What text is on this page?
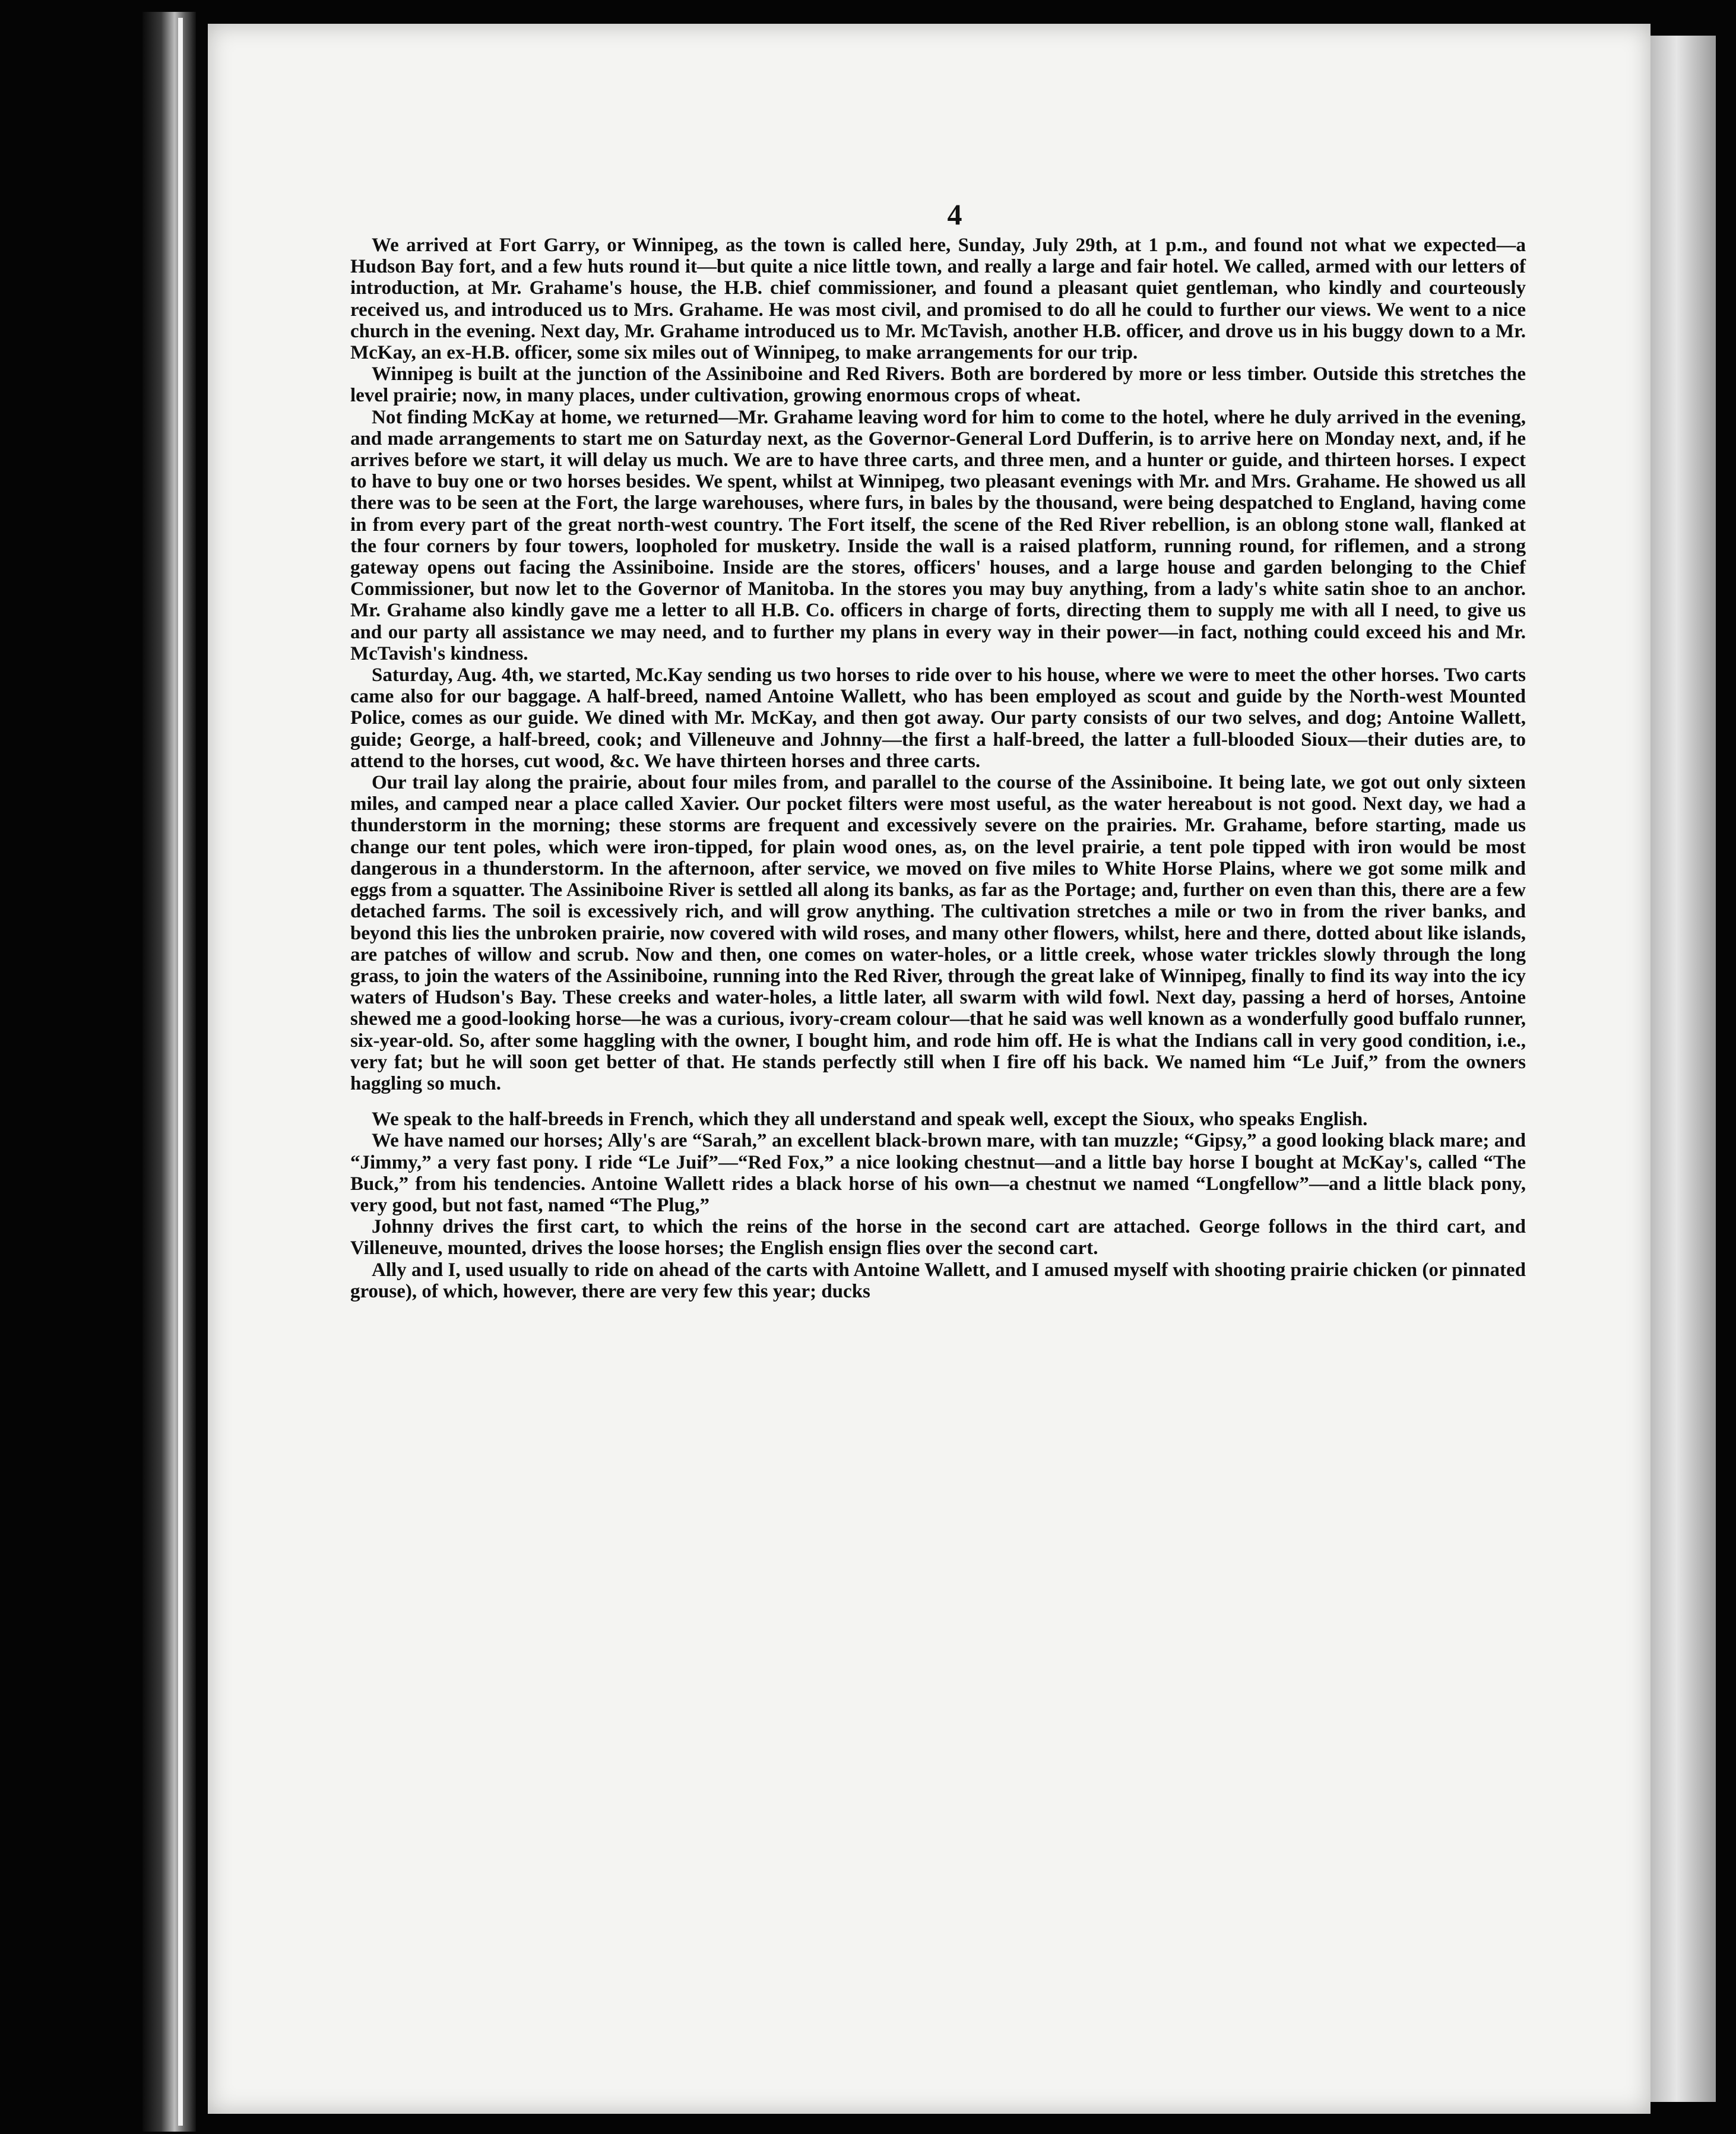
4

We arrived at Fort Garry, or Winnipeg, as the town is called here, Sunday, July 29th, at 1 p.m., and found not what we expected—a Hudson Bay fort, and a few huts round it—but quite a nice little town, and really a large and fair hotel. We called, armed with our letters of introduction, at Mr. Grahame's house, the H.B. chief commissioner, and found a pleasant quiet gentleman, who kindly and courteously received us, and introduced us to Mrs. Grahame. He was most civil, and promised to do all he could to further our views. We went to a nice church in the evening. Next day, Mr. Grahame introduced us to Mr. McTavish, another H.B. officer, and drove us in his buggy down to a Mr. McKay, an ex-H.B. officer, some six miles out of Winnipeg, to make arrangements for our trip.

Winnipeg is built at the junction of the Assiniboine and Red Rivers. Both are bordered by more or less timber. Outside this stretches the level prairie; now, in many places, under cultivation, growing enormous crops of wheat.

Not finding McKay at home, we returned—Mr. Grahame leaving word for him to come to the hotel, where he duly arrived in the evening, and made arrangements to start me on Saturday next, as the Governor-General Lord Dufferin, is to arrive here on Monday next, and, if he arrives before we start, it will delay us much. We are to have three carts, and three men, and a hunter or guide, and thirteen horses. I expect to have to buy one or two horses besides. We spent, whilst at Winnipeg, two pleasant evenings with Mr. and Mrs. Grahame. He showed us all there was to be seen at the Fort, the large warehouses, where furs, in bales by the thousand, were being despatched to England, having come in from every part of the great north-west country. The Fort itself, the scene of the Red River rebellion, is an oblong stone wall, flanked at the four corners by four towers, loopholed for musketry. Inside the wall is a raised platform, running round, for riflemen, and a strong gateway opens out facing the Assiniboine. Inside are the stores, officers' houses, and a large house and garden belonging to the Chief Commissioner, but now let to the Governor of Manitoba. In the stores you may buy anything, from a lady's white satin shoe to an anchor. Mr. Grahame also kindly gave me a letter to all H.B. Co. officers in charge of forts, directing them to supply me with all I need, to give us and our party all assistance we may need, and to further my plans in every way in their power—in fact, nothing could exceed his and Mr. McTavish's kindness.

Saturday, Aug. 4th, we started, Mc.Kay sending us two horses to ride over to his house, where we were to meet the other horses. Two carts came also for our baggage. A half-breed, named Antoine Wallett, who has been employed as scout and guide by the North-west Mounted Police, comes as our guide. We dined with Mr. McKay, and then got away. Our party consists of our two selves, and dog; Antoine Wallett, guide; George, a half-breed, cook; and Villeneuve and Johnny—the first a half-breed, the latter a full-blooded Sioux—their duties are, to attend to the horses, cut wood, &c. We have thirteen horses and three carts.

Our trail lay along the prairie, about four miles from, and parallel to the course of the Assiniboine. It being late, we got out only sixteen miles, and camped near a place called Xavier. Our pocket filters were most useful, as the water hereabout is not good. Next day, we had a thunderstorm in the morning; these storms are frequent and excessively severe on the prairies. Mr. Grahame, before starting, made us change our tent poles, which were iron-tipped, for plain wood ones, as, on the level prairie, a tent pole tipped with iron would be most dangerous in a thunderstorm. In the afternoon, after service, we moved on five miles to White Horse Plains, where we got some milk and eggs from a squatter. The Assiniboine River is settled all along its banks, as far as the Portage; and, further on even than this, there are a few detached farms. The soil is excessively rich, and will grow anything. The cultivation stretches a mile or two in from the river banks, and beyond this lies the unbroken prairie, now covered with wild roses, and many other flowers, whilst, here and there, dotted about like islands, are patches of willow and scrub. Now and then, one comes on water-holes, or a little creek, whose water trickles slowly through the long grass, to join the waters of the Assiniboine, running into the Red River, through the great lake of Winnipeg, finally to find its way into the icy waters of Hudson's Bay. These creeks and water-holes, a little later, all swarm with wild fowl. Next day, passing a herd of horses, Antoine shewed me a good-looking horse—he was a curious, ivory-cream colour—that he said was well known as a wonderfully good buffalo runner, six-year-old. So, after some haggling with the owner, I bought him, and rode him off. He is what the Indians call in very good condition, i.e., very fat; but he will soon get better of that. He stands perfectly still when I fire off his back. We named him “Le Juif,” from the owners haggling so much.

We speak to the half-breeds in French, which they all understand and speak well, except the Sioux, who speaks English.

We have named our horses; Ally's are “Sarah,” an excellent black-brown mare, with tan muzzle; “Gipsy,” a good looking black mare; and “Jimmy,” a very fast pony. I ride “Le Juif”—“Red Fox,” a nice looking chestnut—and a little bay horse I bought at McKay's, called “The Buck,” from his tendencies. Antoine Wallett rides a black horse of his own—a chestnut we named “Longfellow”—and a little black pony, very good, but not fast, named “The Plug,”

Johnny drives the first cart, to which the reins of the horse in the second cart are attached. George follows in the third cart, and Villeneuve, mounted, drives the loose horses; the English ensign flies over the second cart.

Ally and I, used usually to ride on ahead of the carts with Antoine Wallett, and I amused myself with shooting prairie chicken (or pinnated grouse), of which, however, there are very few this year; ducks
